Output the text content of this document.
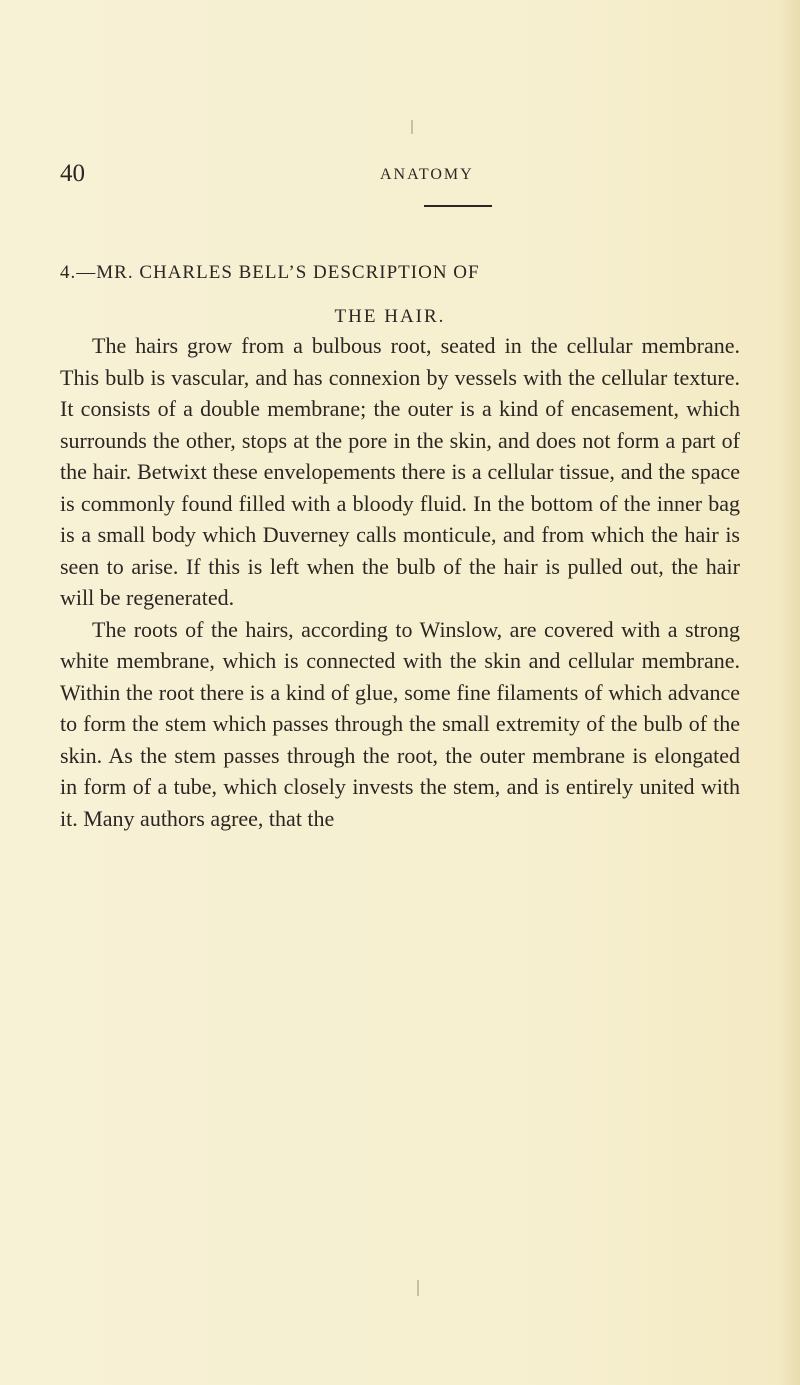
40	ANATOMY
4.—MR. CHARLES BELL’S DESCRIPTION OF
THE HAIR.

The hairs grow from a bulbous root, seated in the cellular membrane. This bulb is vascular, and has connexion by vessels with the cellular texture. It consists of a double membrane; the outer is a kind of encasement, which surrounds the other, stops at the pore in the skin, and does not form a part of the hair. Betwixt these envelopements there is a cellular tissue, and the space is commonly found filled with a bloody fluid. In the bottom of the inner bag is a small body which Duverney calls monticule, and from which the hair is seen to arise. If this is left when the bulb of the hair is pulled out, the hair will be regenerated.

The roots of the hairs, according to Winslow, are covered with a strong white membrane, which is connected with the skin and cellular membrane. Within the root there is a kind of glue, some fine filaments of which advance to form the stem which passes through the small extremity of the bulb of the skin. As the stem passes through the root, the outer membrane is elongated in form of a tube, which closely invests the stem, and is entirely united with it. Many authors agree, that the
